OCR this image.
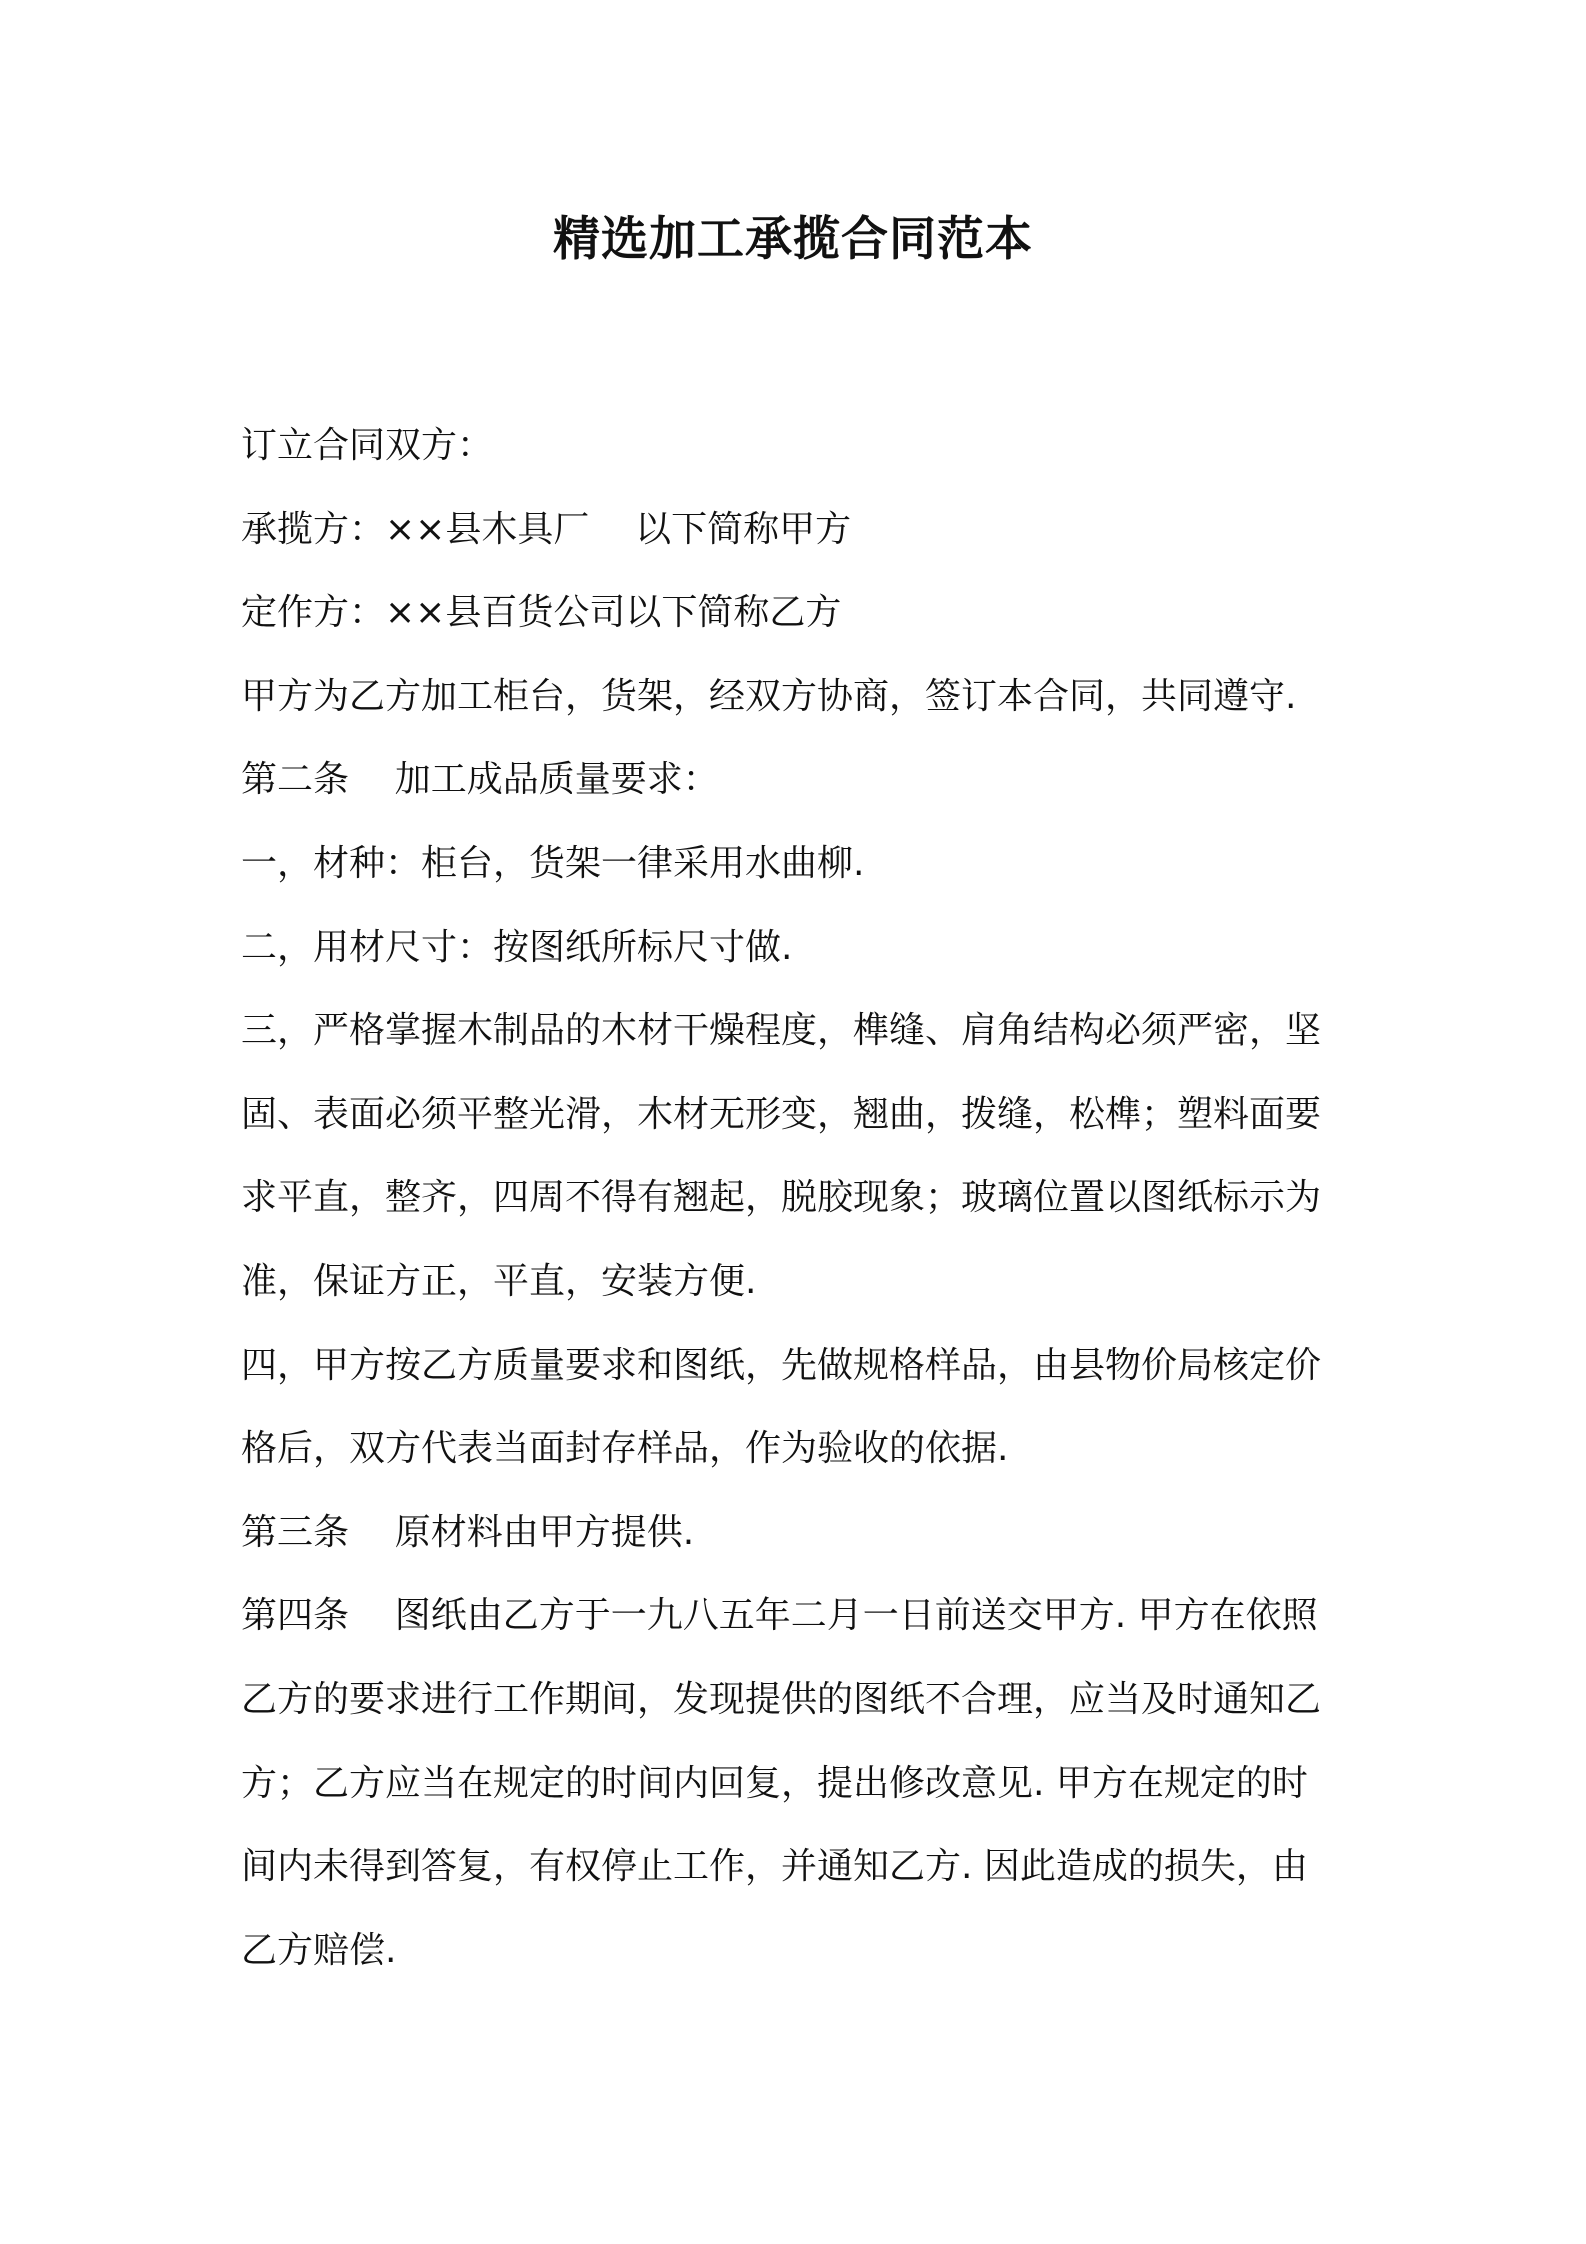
精选加工承揽合同范本
订立合同双方：
承揽方：××县木具厂    以下简称甲方
定作方：××县百货公司以下简称乙方
甲方为乙方加工柜台，货架，经双方协商，签订本合同，共同遵守.
第二条    加工成品质量要求：
一，材种：柜台，货架一律采用水曲柳.
二，用材尺寸：按图纸所标尺寸做.
三，严格掌握木制品的木材干燥程度，榫缝、肩角结构必须严密，坚
固、表面必须平整光滑，木材无形变，翘曲，拨缝，松榫；塑料面要
求平直，整齐，四周不得有翘起，脱胶现象；玻璃位置以图纸标示为
准，保证方正，平直，安装方便.
四，甲方按乙方质量要求和图纸，先做规格样品，由县物价局核定价
格后，双方代表当面封存样品，作为验收的依据.
第三条    原材料由甲方提供.
第四条    图纸由乙方于一九八五年二月一日前送交甲方. 甲方在依照
乙方的要求进行工作期间，发现提供的图纸不合理，应当及时通知乙
方；乙方应当在规定的时间内回复，提出修改意见. 甲方在规定的时
间内未得到答复，有权停止工作，并通知乙方. 因此造成的损失，由
乙方赔偿.
